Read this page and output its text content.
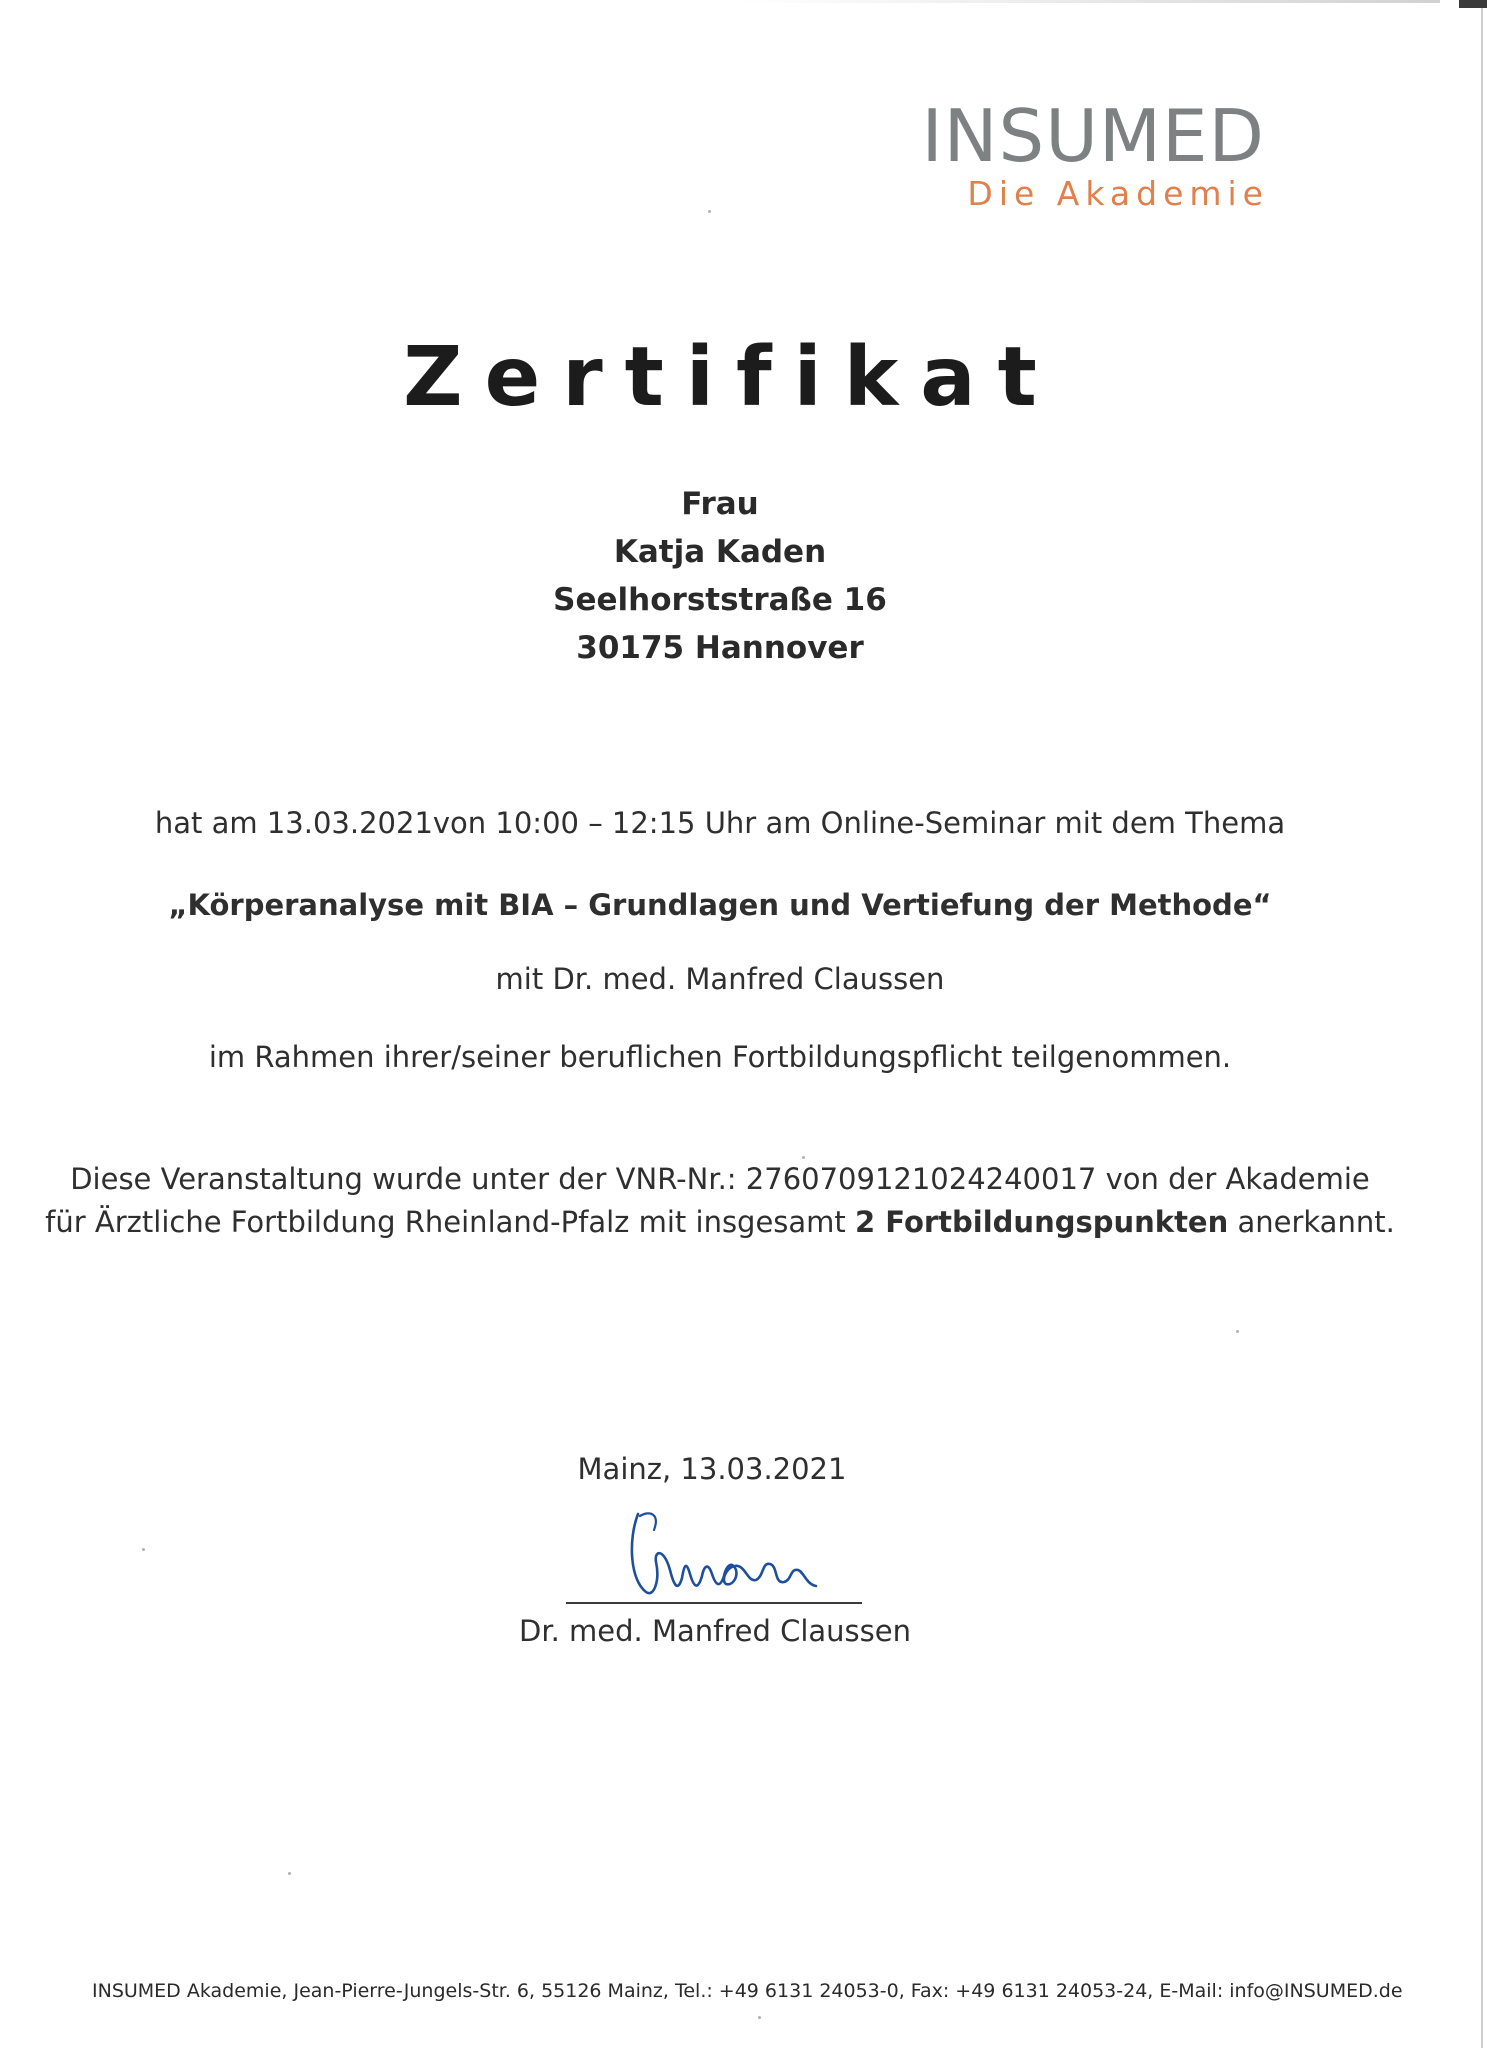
INSUMED
Die Akademie
Zertifikat
Frau
Katja Kaden
Seelhorststraße 16
30175 Hannover
hat am 13.03.2021von 10:00 – 12:15 Uhr am Online-Seminar mit dem Thema
„Körperanalyse mit BIA – Grundlagen und Vertiefung der Methode“
mit Dr. med. Manfred Claussen
im Rahmen ihrer/seiner beruflichen Fortbildungspflicht teilgenommen.
Diese Veranstaltung wurde unter der VNR-Nr.: 2760709121024240017 von der Akademie
für Ärztliche Fortbildung Rheinland-Pfalz mit insgesamt 2 Fortbildungspunkten anerkannt.
Mainz, 13.03.2021
Dr. med. Manfred Claussen
INSUMED Akademie, Jean-Pierre-Jungels-Str. 6, 55126 Mainz, Tel.: +49 6131 24053-0, Fax: +49 6131 24053-24, E-Mail: info@INSUMED.de
